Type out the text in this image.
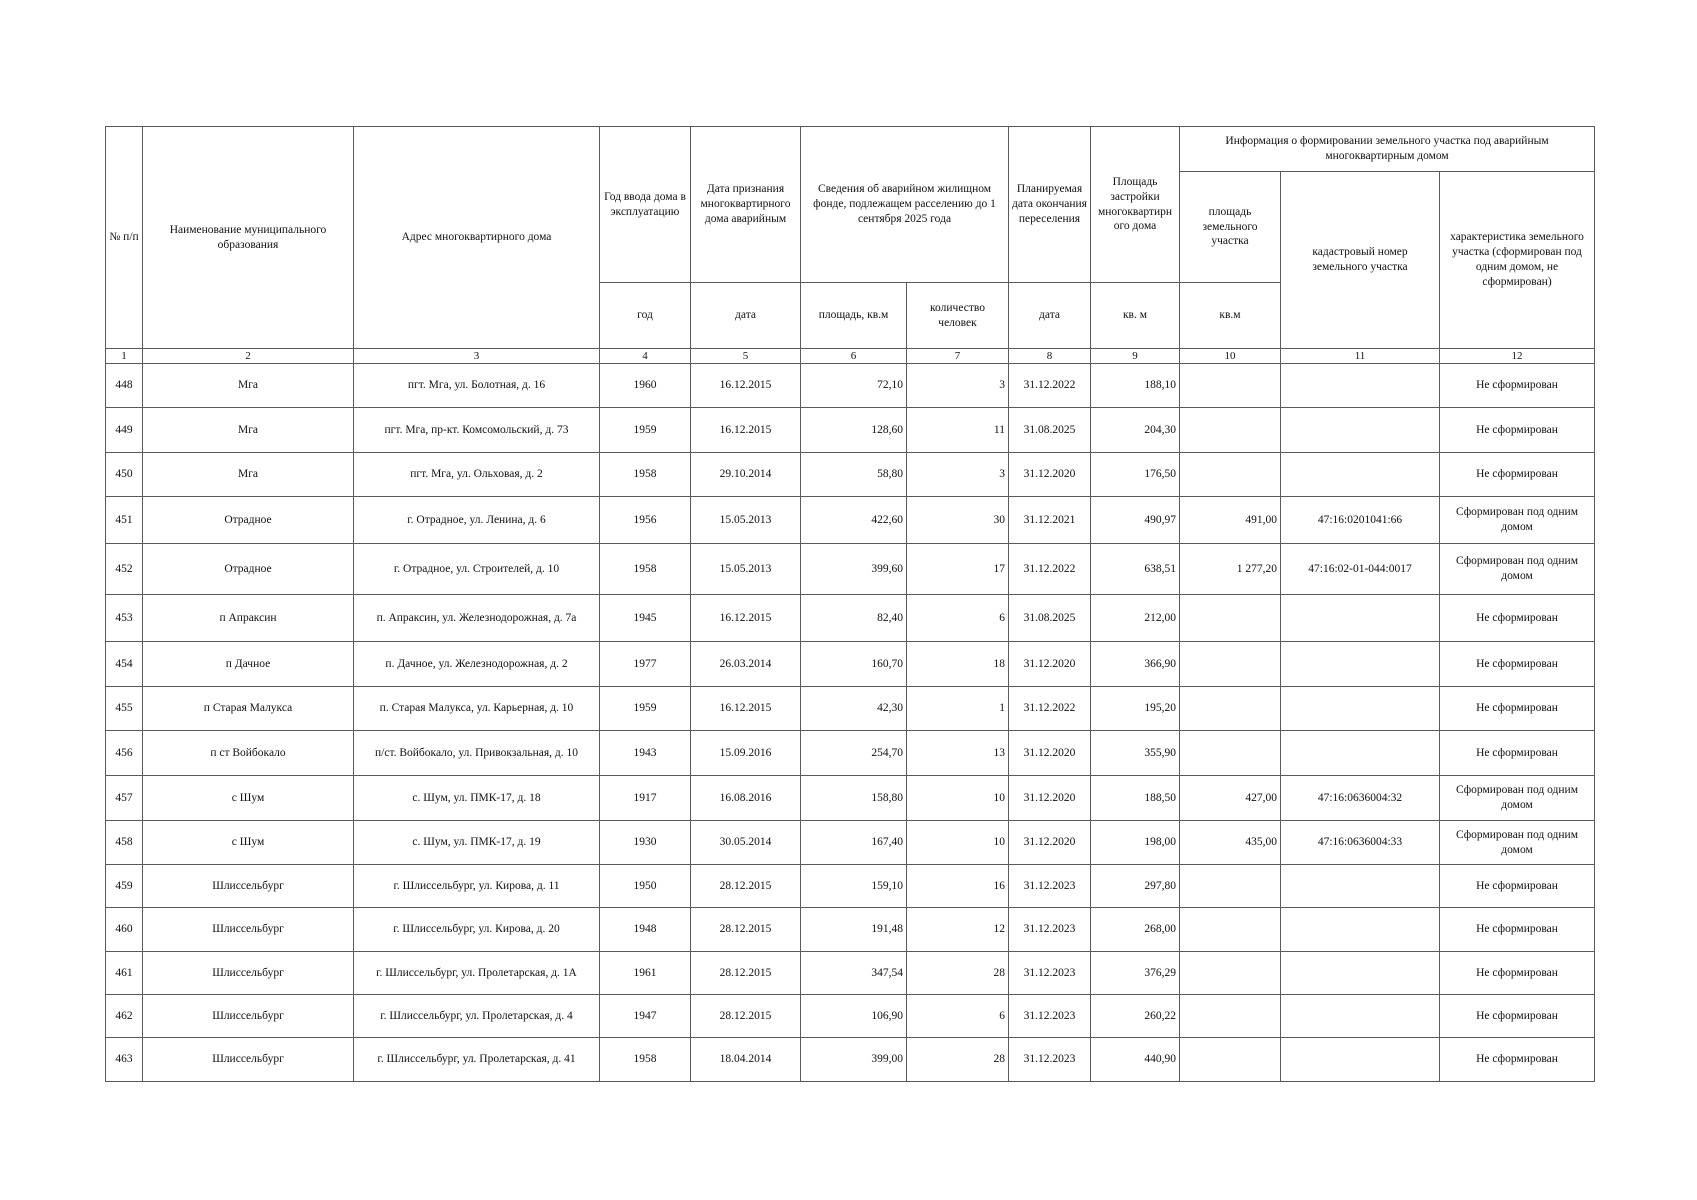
№ п/п	Наименование муниципального образования	Адрес многоквартирного дома	Год ввода дома в эксплуатацию	Дата признания многоквартирного дома аварийным	Сведения об аварийном жилищном фонде, подлежащем расселению до 1 сентября 2025 года		Планируемая дата окончания переселения	Площадь застройки многоквартирн ого дома	Информация о формировании земельного участка под аварийным многоквартирным домом		
									площадь земельного участка	кадастровый номер земельного участка	характеристика земельного участка (сформирован под одним домом, не сформирован)
			год	дата	площадь, кв.м	количество человек	дата	кв. м	кв.м		
1	2	3	4	5	6	7	8	9	10	11	12
448	Мга	пгт. Мга, ул. Болотная, д. 16	1960	16.12.2015	72,10	3	31.12.2022	188,10			Не сформирован
449	Мга	пгт. Мга, пр-кт. Комсомольский, д. 73	1959	16.12.2015	128,60	11	31.08.2025	204,30			Не сформирован
450	Мга	пгт. Мга, ул. Ольховая, д. 2	1958	29.10.2014	58,80	3	31.12.2020	176,50			Не сформирован
451	Отрадное	г. Отрадное, ул. Ленина, д. 6	1956	15.05.2013	422,60	30	31.12.2021	490,97	491,00	47:16:0201041:66	Сформирован под одним домом
452	Отрадное	г. Отрадное, ул. Строителей, д. 10	1958	15.05.2013	399,60	17	31.12.2022	638,51	1 277,20	47:16:02-01-044:0017	Сформирован под одним домом
453	п Апраксин	п. Апраксин, ул. Железнодорожная, д. 7а	1945	16.12.2015	82,40	6	31.08.2025	212,00			Не сформирован
454	п Дачное	п. Дачное, ул. Железнодорожная, д. 2	1977	26.03.2014	160,70	18	31.12.2020	366,90			Не сформирован
455	п Старая Малукса	п. Старая Малукса, ул. Карьерная, д. 10	1959	16.12.2015	42,30	1	31.12.2022	195,20			Не сформирован
456	п ст Войбокало	п/ст. Войбокало, ул. Привокзальная, д. 10	1943	15.09.2016	254,70	13	31.12.2020	355,90			Не сформирован
457	с Шум	с. Шум, ул. ПМК-17, д. 18	1917	16.08.2016	158,80	10	31.12.2020	188,50	427,00	47:16:0636004:32	Сформирован под одним домом
458	с Шум	с. Шум, ул. ПМК-17, д. 19	1930	30.05.2014	167,40	10	31.12.2020	198,00	435,00	47:16:0636004:33	Сформирован под одним домом
459	Шлиссельбург	г. Шлиссельбург, ул. Кирова, д. 11	1950	28.12.2015	159,10	16	31.12.2023	297,80			Не сформирован
460	Шлиссельбург	г. Шлиссельбург, ул. Кирова, д. 20	1948	28.12.2015	191,48	12	31.12.2023	268,00			Не сформирован
461	Шлиссельбург	г. Шлиссельбург, ул. Пролетарская, д. 1А	1961	28.12.2015	347,54	28	31.12.2023	376,29			Не сформирован
462	Шлиссельбург	г. Шлиссельбург, ул. Пролетарская, д. 4	1947	28.12.2015	106,90	6	31.12.2023	260,22			Не сформирован
463	Шлиссельбург	г. Шлиссельбург, ул. Пролетарская, д. 41	1958	18.04.2014	399,00	28	31.12.2023	440,90			Не сформирован
